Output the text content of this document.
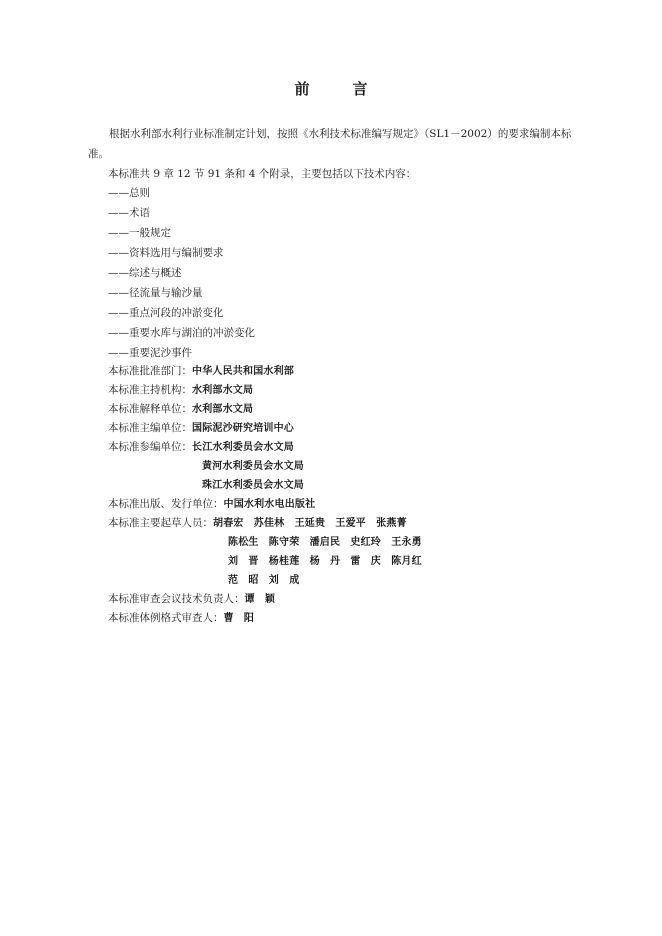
前　言
根据水利部水利行业标准制定计划，按照《水利技术标准编写规定》（SL1－2002）的要求编制本标准。
本标准共 9 章 12 节 91 条和 4 个附录，主要包括以下技术内容：
——总则
——术语
——一般规定
——资料选用与编制要求
——综述与概述
——径流量与输沙量
——重点河段的冲淤变化
——重要水库与湖泊的冲淤变化
——重要泥沙事件
本标准批准部门： 中华人民共和国水利部
本标准主持机构： 水利部水文局
本标准解释单位： 水利部水文局
本标准主编单位： 国际泥沙研究培训中心
本标准参编单位： 长江水利委员会水文局
黄河水利委员会水文局
珠江水利委员会水文局
本标准出版、发行单位： 中国水利水电出版社
本标准主要起草人员： 胡春宏　苏佳林　王延贵　王爱平　张燕菁
陈松生　陈守荣　潘启民　史红玲　王永勇
刘　晋　杨桂莲　杨　丹　雷　庆　陈月红
范　昭　刘　成
本标准审查会议技术负责人： 谭　颖
本标准体例格式审查人： 曹　阳
